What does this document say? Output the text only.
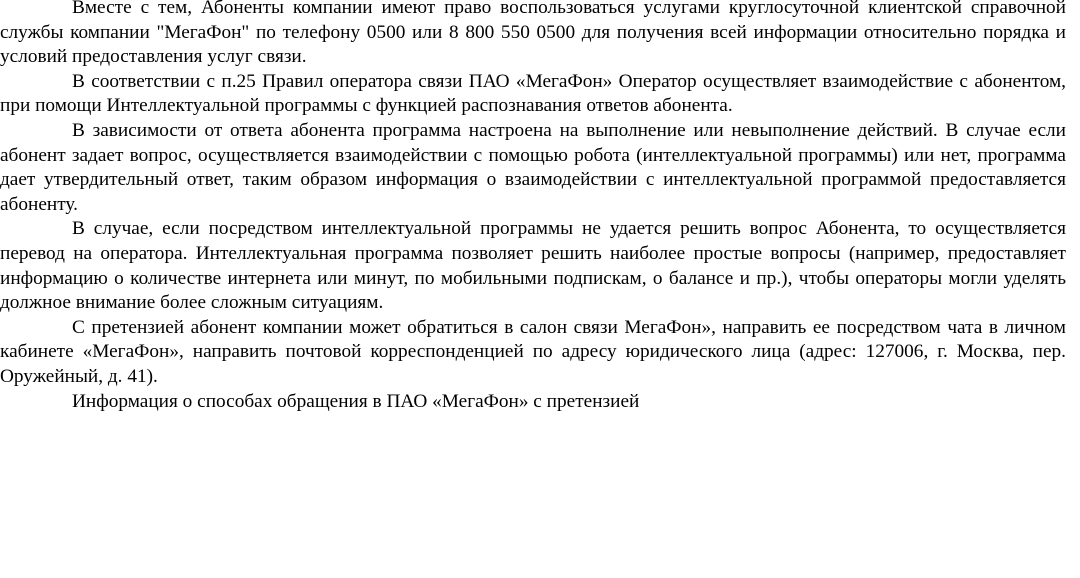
Вместе с тем, Абоненты компании имеют право воспользоваться услугами круглосуточной клиентской справочной службы компании "МегаФон" по телефону 0500 или 8 800 550 0500 для получения всей информации относительно порядка и условий предоставления услуг связи.

В соответствии с п.25 Правил оператора связи ПАО «МегаФон» Оператор осуществляет взаимодействие с абонентом, при помощи Интеллектуальной программы с функцией распознавания ответов абонента.

В зависимости от ответа абонента программа настроена на выполнение или невыполнение действий. В случае если абонент задает вопрос, осуществляется взаимодействии с помощью робота (интеллектуальной программы) или нет, программа дает утвердительный ответ, таким образом информация о взаимодействии с интеллектуальной программой предоставляется абоненту.

В случае, если посредством интеллектуальной программы не удается решить вопрос Абонента, то осуществляется перевод на оператора. Интеллектуальная программа позволяет решить наиболее простые вопросы (например, предоставляет информацию о количестве интернета или минут, по мобильными подпискам, о балансе и пр.), чтобы операторы могли уделять должное внимание более сложным ситуациям.

С претензией абонент компании может обратиться в салон связи МегаФон», направить ее посредством чата в личном кабинете «МегаФон», направить почтовой корреспонденцией по адресу юридического лица (адрес: 127006, г. Москва, пер. Оружейный, д. 41).

Информация о способах обращения в ПАО «МегаФон» с претензией
